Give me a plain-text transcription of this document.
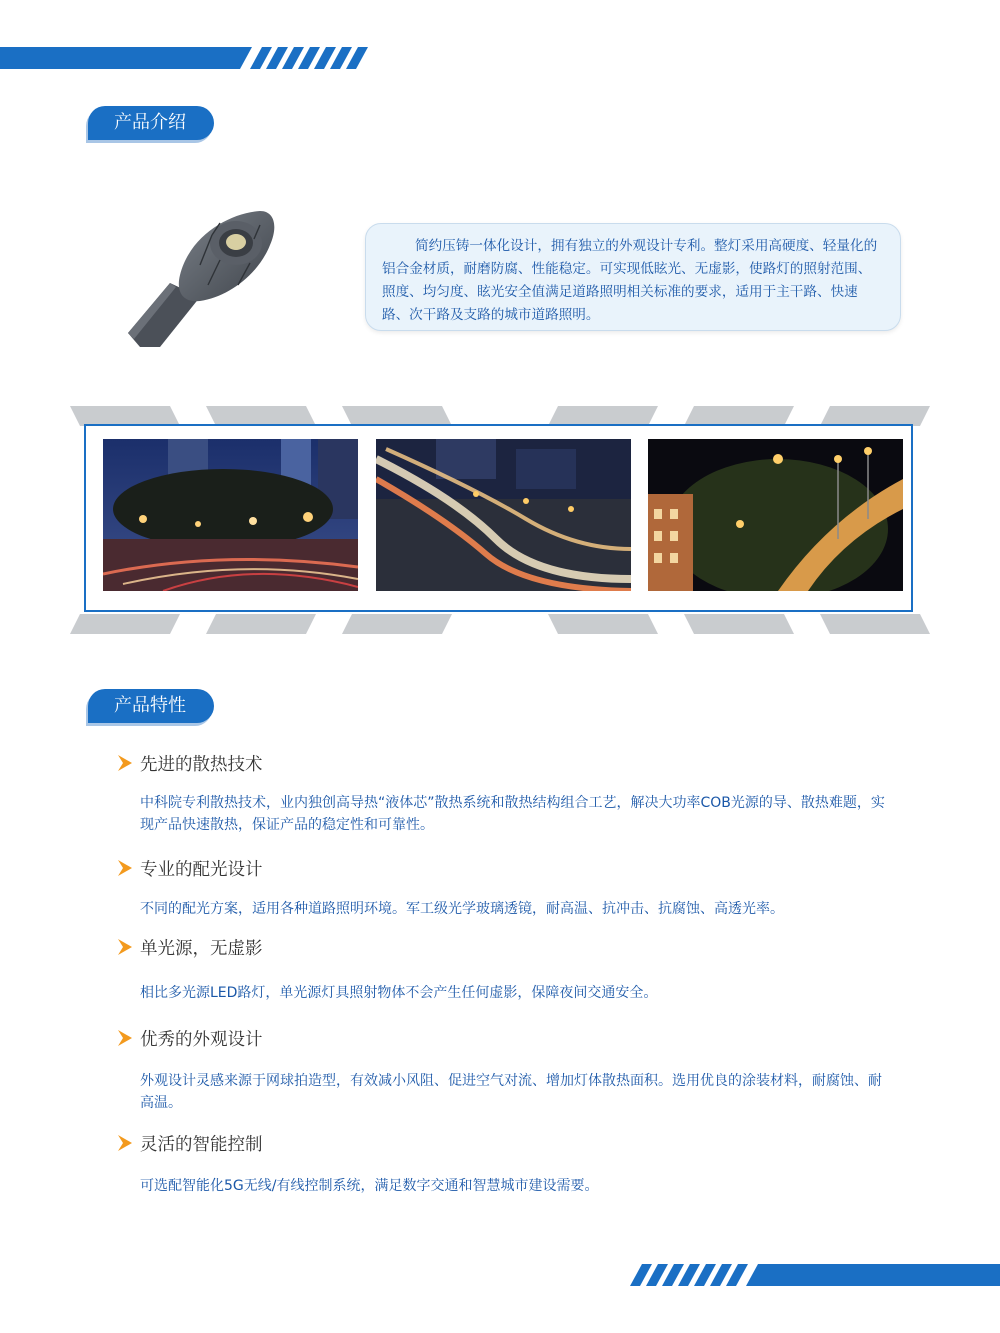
产品介绍
简约压铸一体化设计，拥有独立的外观设计专利。整灯采用高硬度、轻量化的铝合金材质，耐磨防腐、性能稳定。可实现低眩光、无虚影，使路灯的照射范围、照度、均匀度、眩光安全值满足道路照明相关标准的要求，适用于主干路、快速路、次干路及支路的城市道路照明。
产品特性
先进的散热技术
中科院专利散热技术，业内独创高导热“液体芯”散热系统和散热结构组合工艺，解决大功率COB光源的导、散热难题，实现产品快速散热，保证产品的稳定性和可靠性。
专业的配光设计
不同的配光方案，适用各种道路照明环境。军工级光学玻璃透镜，耐高温、抗冲击、抗腐蚀、高透光率。
单光源，无虚影
相比多光源LED路灯，单光源灯具照射物体不会产生任何虚影，保障夜间交通安全。
优秀的外观设计
外观设计灵感来源于网球拍造型，有效减小风阻、促进空气对流、增加灯体散热面积。选用优良的涂装材料，耐腐蚀、耐高温。
灵活的智能控制
可选配智能化5G无线/有线控制系统，满足数字交通和智慧城市建设需要。
